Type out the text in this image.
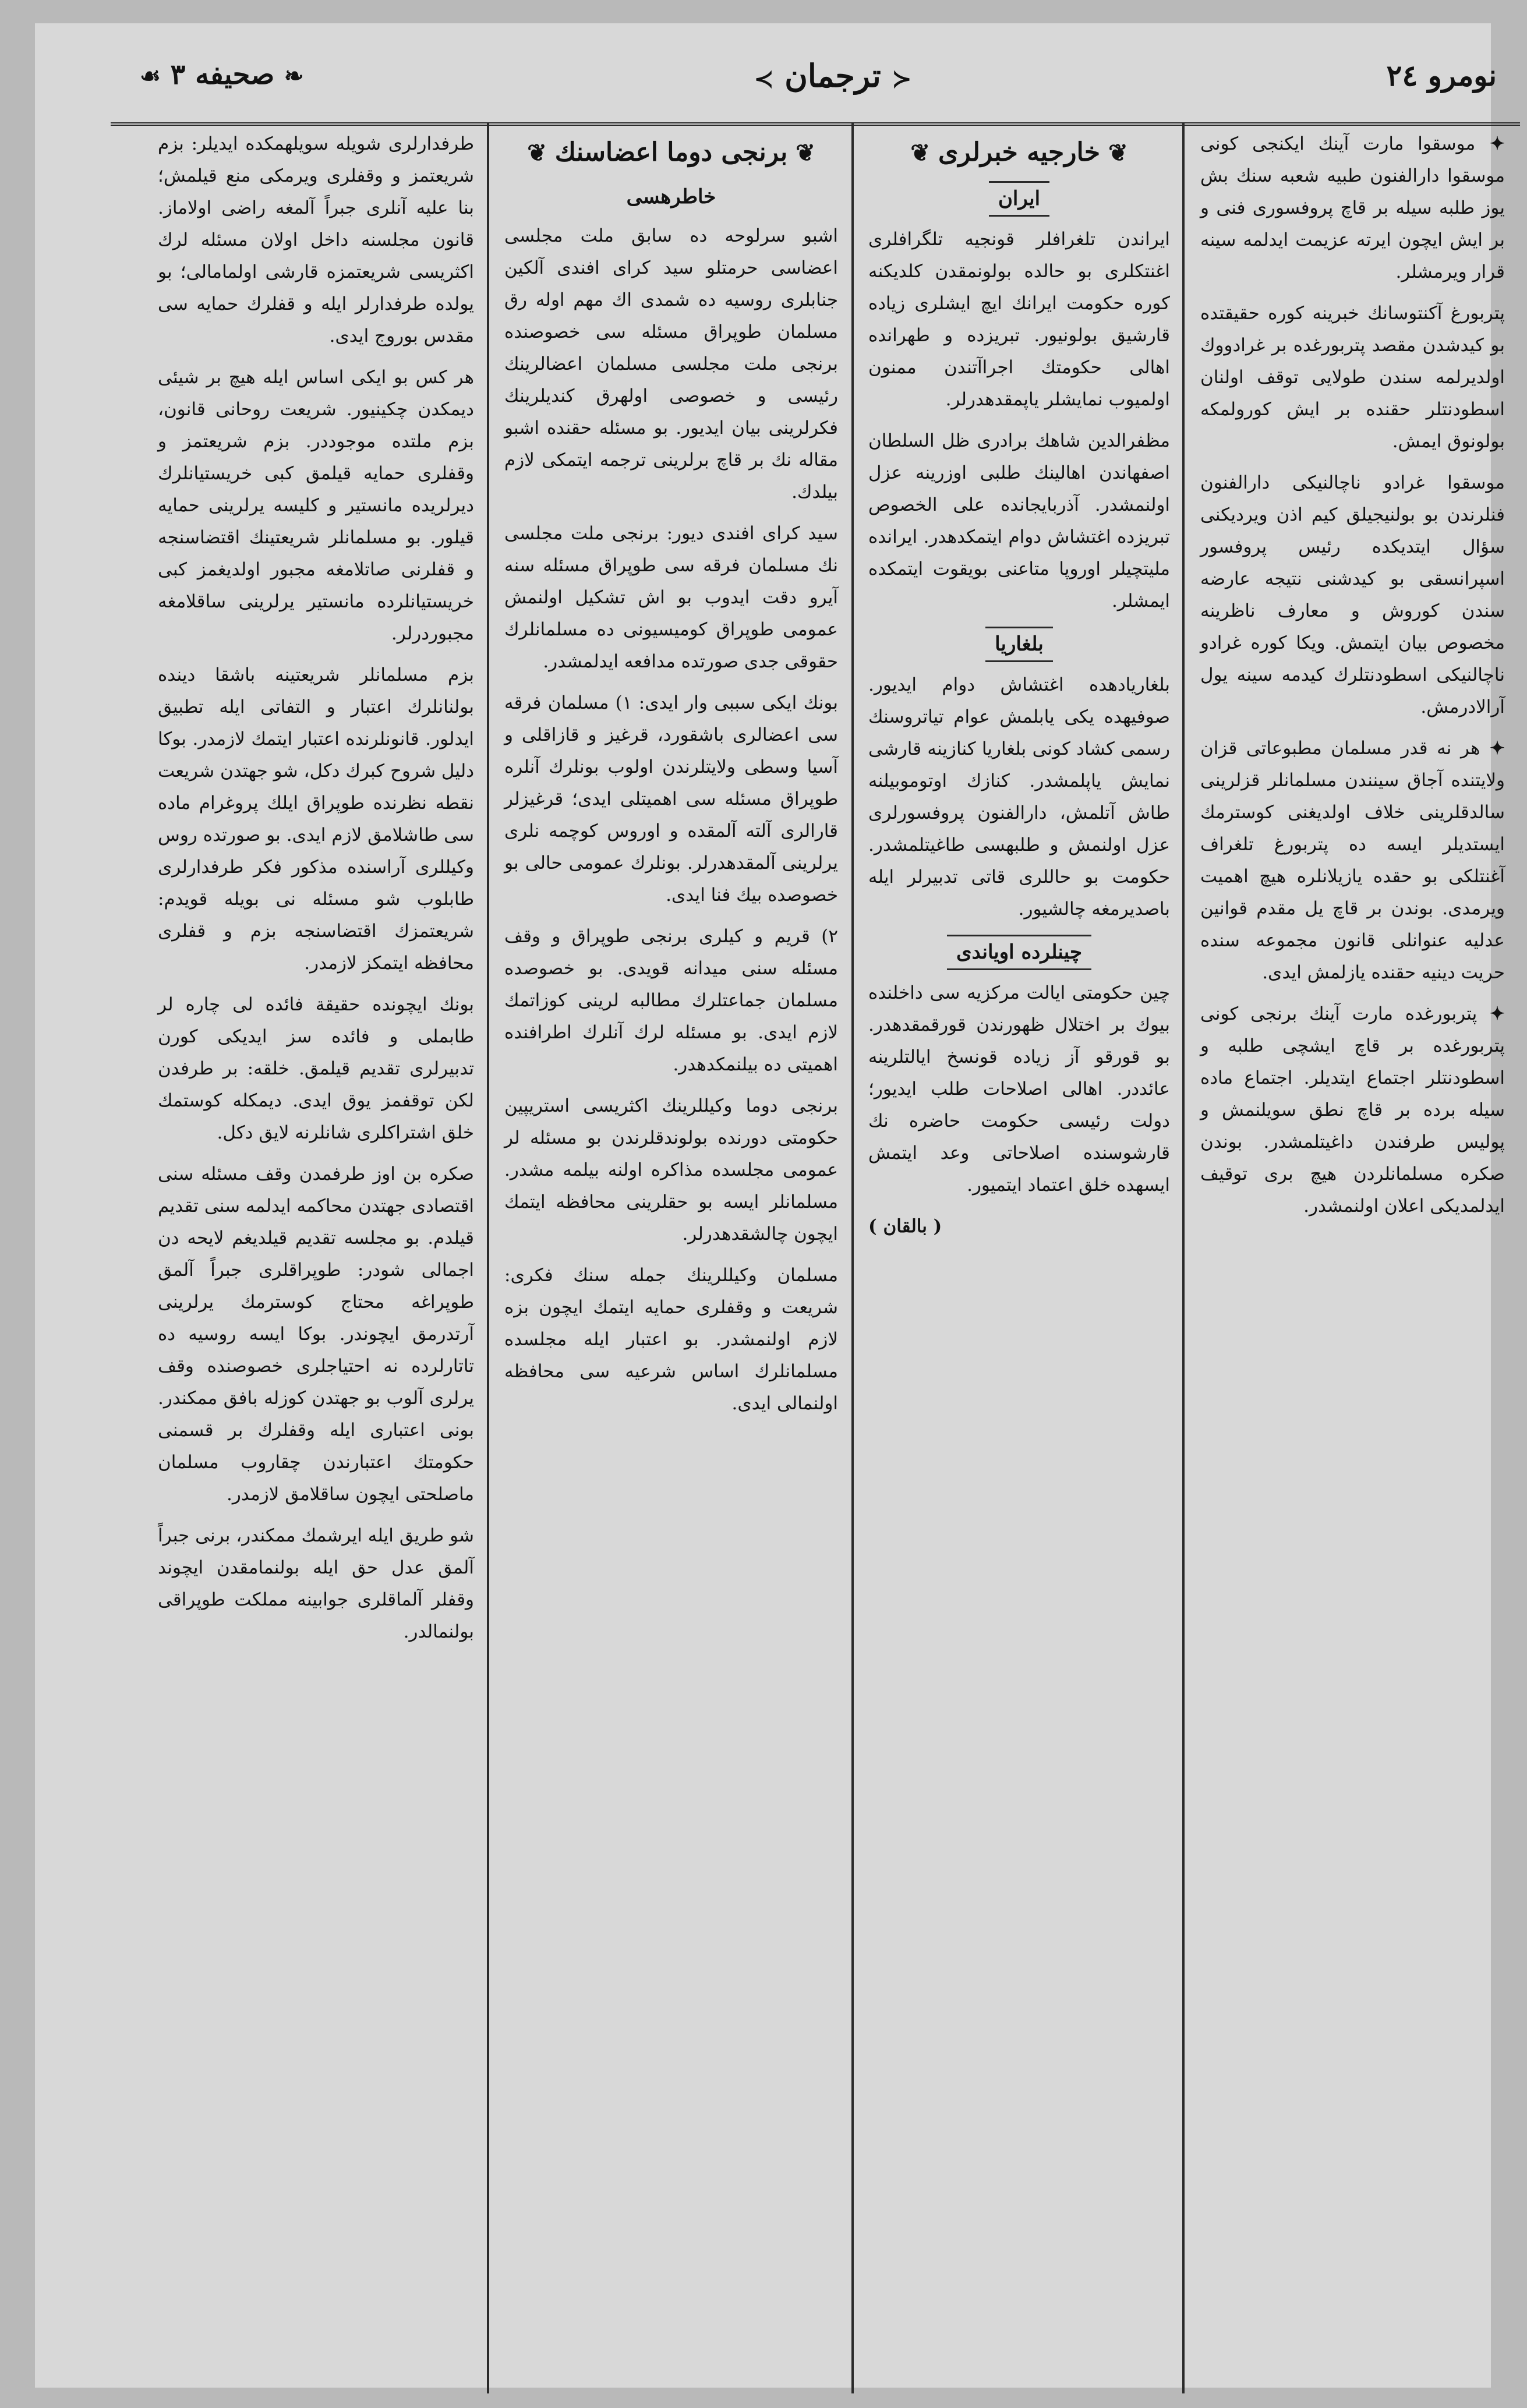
❧ صحيفه ٣ ☙	≺ ترجمان ≻	نومرو ٢٤

✦ موسقوا مارت آينك ايكنجى كونى موسقوا دارالفنون طبيه شعبه سنك بش يوز طلبه سيله بر قاچ پروفسورى فنى و بر ايش ايچون ايرته عزيمت ايدلمه سينه قرار ويرمشلر.

پتربورغ آكنتوسانك خبرينه كوره حقيقتده بو كيدشدن مقصد پتربورغده بر غرادووك اولديرلمه سندن طولايى توقف اولنان اسطودنتلر حقنده بر ايش كورولمكه بولونوق ايمش.

موسقوا غرادو ناچالنيكى دارالفنون فنلرندن بو بولنيجيلق كيم اذن ويرديكنى سؤال ايتديكده رئيس پروفسور اسپرانسقى بو كيدشنى نتيجه عارضه سندن كوروش و معارف ناظرينه مخصوص بيان ايتمش. ويكا كوره غرادو ناچالنيكى اسطودنتلرك كيدمه سينه يول آرالادرمش.

✦ هر نه قدر مسلمان مطبوعاتى قزان ولايتنده آجاق سينندن مسلمانلر قزلرينى سالدقلرينى خلاف اولديغنى كوسترمك ايستديلر ايسه ده پتربورغ تلغراف آغنتلكى بو حقده يازيلانلره هيچ اهميت ويرمدى. بوندن بر قاچ يل مقدم قوانين عدليه عنوانلى قانون مجموعه سنده حريت دينيه حقنده يازلمش ايدى.

✦ پتربورغده مارت آينك برنجى كونى پتربورغده بر قاچ ايشچى طلبه و اسطودنتلر اجتماع ايتديلر. اجتماع ماده سيله برده بر قاچ نطق سويلنمش و پوليس طرفندن داغيتلمشدر. بوندن صكره مسلمانلردن هيچ برى توقيف ايدلمديكى اعلان اولنمشدر.

❦خارجيه خبرلرى❦
ايران

ايراندن تلغرافلر قونجيه تلگرافلرى اغنتكلرى بو حالده بولونمقدن كلديكنه كوره حكومت ايرانك ايچ ايشلرى زياده قارشيق بولونيور. تبريزده و طهرانده اهالى حكومتك اجراآتندن ممنون اولميوب نمايشلر ياپمقدهدرلر.

مظفرالدين شاهك برادرى ظل السلطان اصفهاندن اهالينك طلبى اوزرينه عزل اولنمشدر. آذربايجانده على الخصوص تبريزده اغتشاش دوام ايتمكدهدر. ايرانده مليتچيلر اوروپا متاعنى بويقوت ايتمكده ايمشلر.

بلغاريا

بلغاريادهده اغتشاش دوام ايديور. صوفيهده يكى يابلمش عوام تياتروسنك رسمى كشاد كونى بلغاريا كنازينه قارشى نمايش ياپلمشدر. كنازك اوتوموبيلنه طاش آتلمش، دارالفنون پروفسورلرى عزل اولنمش و طلبهسى طاغيتلمشدر. حكومت بو حاللرى قاتى تدبيرلر ايله باصديرمغه چالشيور.

چينلرده اوياندى

چين حكومتى ايالت مركزيه سى داخلنده بيوك بر اختلال ظهورندن قورقمقدهدر. بو قورقو آز زياده قونسخ ايالتلرينه عائددر. اهالى اصلاحات طلب ايديور؛ دولت رئيسى حكومت حاضره نك قارشوسنده اصلاحاتى وعد ايتمش ايسهده خلق اعتماد ايتميور.

( بالقان )
❦برنجى دوما اعضاسنك❦
خاطرهسى

اشبو سرلوحه ده سابق ملت مجلسى اعضاسى حرمتلو سيد كراى افندى آلكين جنابلرى روسيه ده شمدى اك مهم اوله رق مسلمان طوپراق مسئله سى خصوصنده برنجى ملت مجلسى مسلمان اعضالرينك رئيسى و خصوصى اولهرق كنديلرينك فكرلرينى بيان ايديور. بو مسئله حقنده اشبو مقاله نك بر قاچ برلرينى ترجمه ايتمكى لازم بيلدك.

سيد كراى افندى ديور: برنجى ملت مجلسى نك مسلمان فرقه سى طوپراق مسئله سنه آيرو دقت ايدوب بو اش تشكيل اولنمش عمومى طوپراق كوميسيونى ده مسلمانلرك حقوقى جدى صورتده مدافعه ايدلمشدر.

بونك ايكى سببى وار ايدى: ١) مسلمان فرقه سى اعضالرى باشقورد، قرغيز و قازاقلى و آسيا وسطى ولايتلرندن اولوب بونلرك آنلره طوپراق مسئله سى اهميتلى ايدى؛ قرغيزلر قارالرى آلته آلمقده و اوروس كوچمه نلرى يرلرينى آلمقدهدرلر. بونلرك عمومى حالى بو خصوصده بيك فنا ايدى.

٢) قريم و كيلرى برنجى طوپراق و وقف مسئله سنى ميدانه قويدى. بو خصوصده مسلمان جماعتلرك مطالبه لرينى كوزاتمك لازم ايدى. بو مسئله لرك آنلرك اطرافنده اهميتى ده بيلنمكدهدر.

برنجى دوما وكيللرينك اكثريسى استريپين حكومتى دورنده بولوندقلرندن بو مسئله لر عمومى مجلسده مذاكره اولنه بيلمه مشدر. مسلمانلر ايسه بو حقلرينى محافظه ايتمك ايچون چالشقدهدرلر.

مسلمان وكيللرينك جمله سنك فكرى: شريعت و وقفلرى حمايه ايتمك ايچون بزه لازم اولنمشدر. بو اعتبار ايله مجلسده مسلمانلرك اساس شرعيه سى محافظه اولنمالى ايدى.

طرفدارلرى شويله سويلهمكده ايديلر: بزم شريعتمز و وقفلرى ويرمكى منع قيلمش؛ بنا عليه آنلرى جبراً آلمغه راضى اولاماز. قانون مجلسنه داخل اولان مسئله لرك اكثريسى شريعتمزه قارشى اولمامالى؛ بو يولده طرفدارلر ايله و قفلرك حمايه سى مقدس بوروج ايدى.

هر كس بو ايكى اساس ايله هيچ بر شيئى ديمكدن چكينيور. شريعت روحانى قانون، بزم ملتده موجوددر. بزم شريعتمز و وقفلرى حمايه قيلمق كبى خريستيانلرك ديرلريده مانستير و كليسه يرلرينى حمايه قيلور. بو مسلمانلر شريعتينك اقتضاسنجه و قفلرنى صاتلامغه مجبور اولديغمز كبى خريستيانلرده مانستير يرلرينى ساقلامغه مجبوردرلر.

بزم مسلمانلر شريعتينه باشقا دينده بولنانلرك اعتبار و التفاتى ايله تطبيق ايدلور. قانونلرنده اعتبار ايتمك لازمدر. بوكا دليل شروح كبرك دكل، شو جهتدن شريعت نقطه نظرنده طوپراق ايلك پروغرام ماده سى طاشلامق لازم ايدى. بو صورتده روس وكيللرى آراسنده مذكور فكر طرفدارلرى طابلوب شو مسئله نى بويله قويدم: شريعتمزك اقتضاسنجه بزم و قفلرى محافظه ايتمكز لازمدر.

بونك ايچونده حقيقة فائده لى چاره لر طابملى و فائده سز ايديكى كورن تدبيرلرى تقديم قيلمق. خلقه: بر طرفدن لكن توقفمز يوق ايدى. ديمكله كوستمك خلق اشتراكلرى شانلرنه لايق دكل.

صكره بن اوز طرفمدن وقف مسئله سنى اقتصادى جهتدن محاكمه ايدلمه سنى تقديم قيلدم. بو مجلسه تقديم قيلديغم لايحه دن اجمالى شودر: طوپراقلرى جبراً آلمق طوپراغه محتاج كوسترمك يرلرينى آرتدرمق ايچوندر. بوكا ايسه روسيه ده تاتارلرده نه احتياجلرى خصوصنده وقف يرلرى آلوب بو جهتدن كوزله بافق ممكندر. بونى اعتبارى ايله وقفلرك بر قسمنى حكومتك اعتبارندن چقاروب مسلمان ماصلحتى ايچون ساقلامق لازمدر.

شو طريق ايله ايرشمك ممكندر، برنى جبراً آلمق عدل حق ايله بولنمامقدن ايچوند وقفلر آلماقلرى جوابينه مملكت طوپراقى بولنمالدر.
